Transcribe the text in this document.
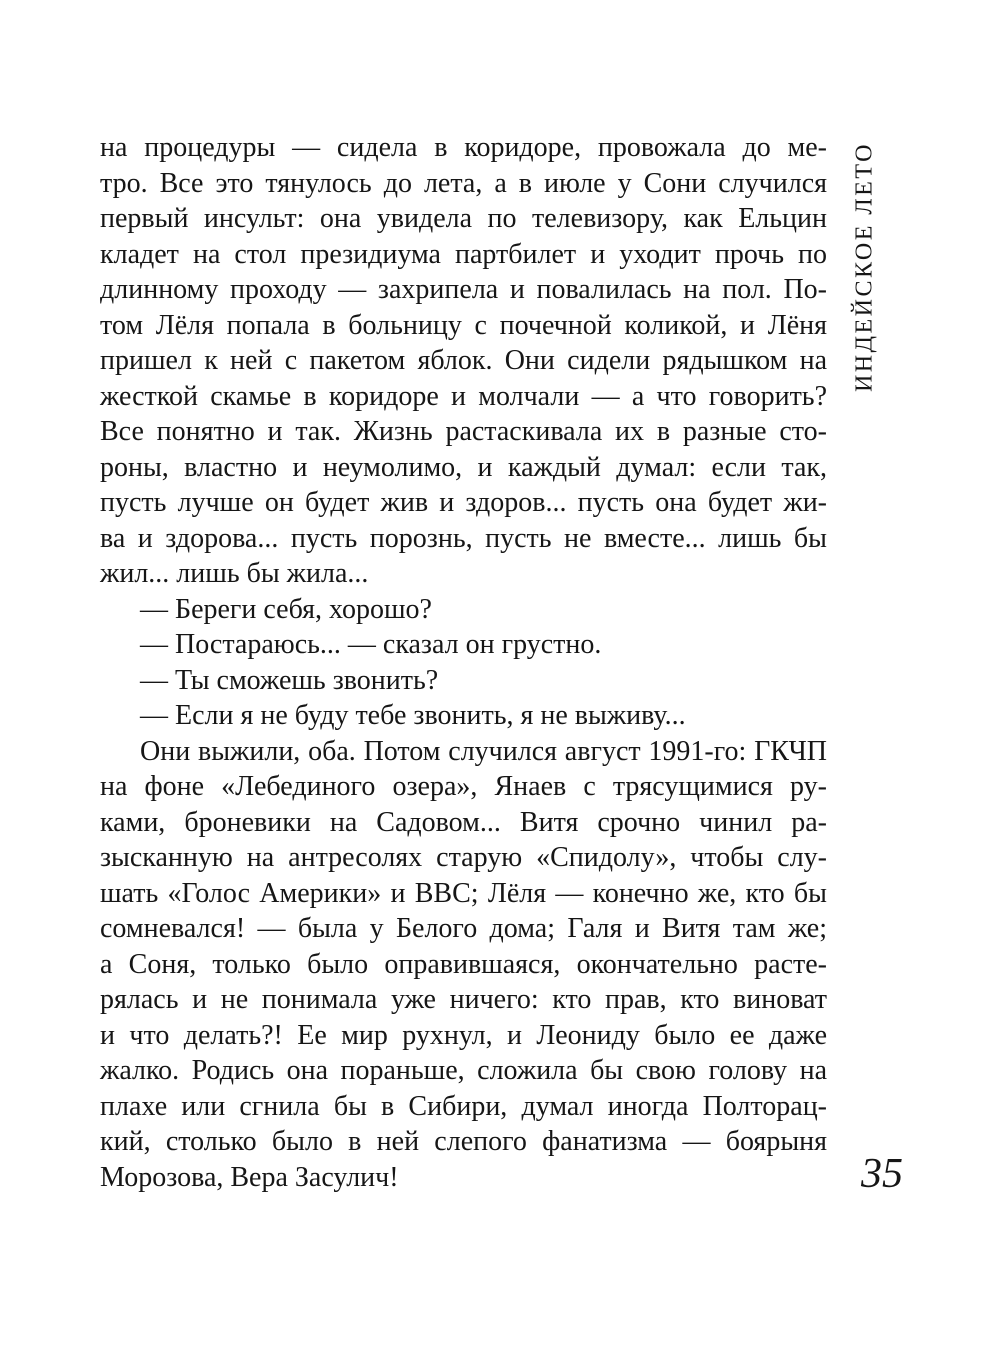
на процедуры — сидела в коридоре, провожала до ме-
тро. Все это тянулось до лета, а в июле у Сони случился
первый инсульт: она увидела по телевизору, как Ельцин
кладет на стол президиума партбилет и уходит прочь по
длинному проходу — захрипела и повалилась на пол. По-
том Лёля попала в больницу с почечной коликой, и Лёня
пришел к ней с пакетом яблок. Они сидели рядышком на
жесткой скамье в коридоре и молчали — а что говорить?
Все понятно и так. Жизнь растаскивала их в разные сто-
роны, властно и неумолимо, и каждый думал: если так,
пусть лучше он будет жив и здоров... пусть она будет жи-
ва и здорова... пусть порознь, пусть не вместе... лишь бы
жил... лишь бы жила...
— Береги себя, хорошо?
— Постараюсь... — сказал он грустно.
— Ты сможешь звонить?
— Если я не буду тебе звонить, я не выживу...
Они выжили, оба. Потом случился август 1991-го: ГКЧП
на фоне «Лебединого озера», Янаев с трясущимися ру-
ками, броневики на Садовом... Витя срочно чинил ра-
зысканную на антресолях старую «Спидолу», чтобы слу-
шать «Голос Америки» и ВВС; Лёля — конечно же, кто бы
сомневался! — была у Белого дома; Галя и Витя там же;
а Соня, только было оправившаяся, окончательно расте-
рялась и не понимала уже ничего: кто прав, кто виноват
и что делать?! Ее мир рухнул, и Леониду было ее даже
жалко. Родись она пораньше, сложила бы свою голову на
плахе или сгнила бы в Сибири, думал иногда Полторац-
кий, столько было в ней слепого фанатизма — боярыня
Морозова, Вера Засулич!
ИНДЕЙСКОЕ ЛЕТО
35
